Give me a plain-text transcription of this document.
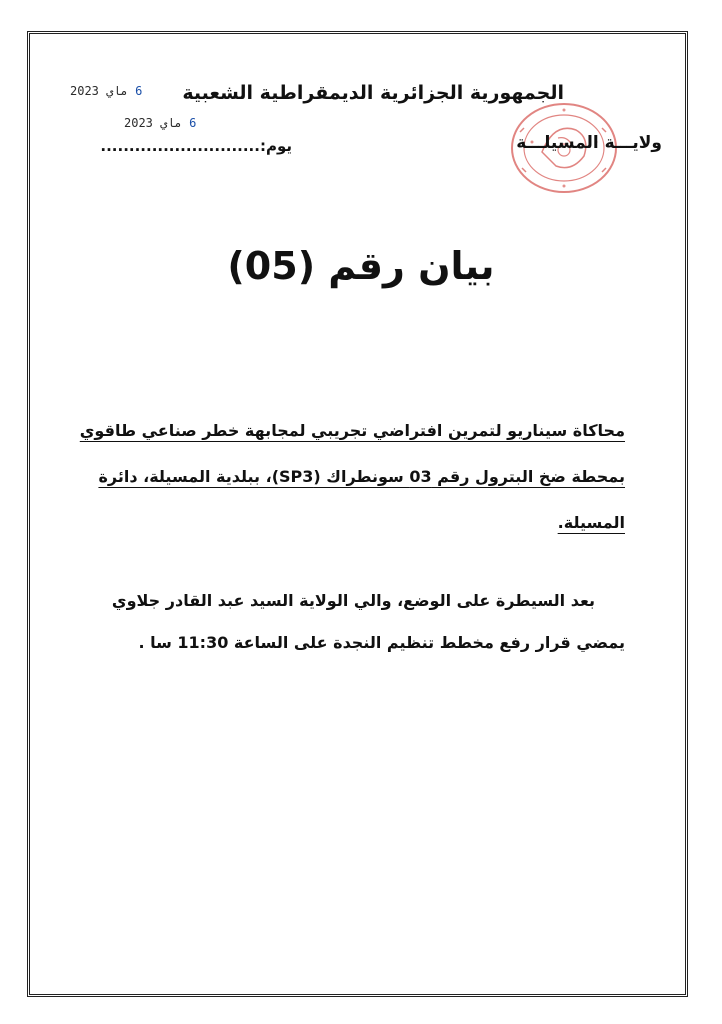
الجمهورية الجزائرية الديمقراطية الشعبية
2023 ماي 6
2023 ماي 6
ولايـــة المسيلـــة
يوم:............................
بيان رقم (05)
محاكاة سيناريو لتمرين افتراضي تجريبي لمجابهة خطر صناعي طاقوي
بمحطة ضخ البترول رقم 03 سونطراك (SP3)، ببلدية المسيلة، دائرة المسيلة.
بعد السيطرة على الوضع، والي الولاية السيد عبد القادر جلاوي
يمضي قرار رفع مخطط تنظيم النجدة على الساعة 11:30 سا .
